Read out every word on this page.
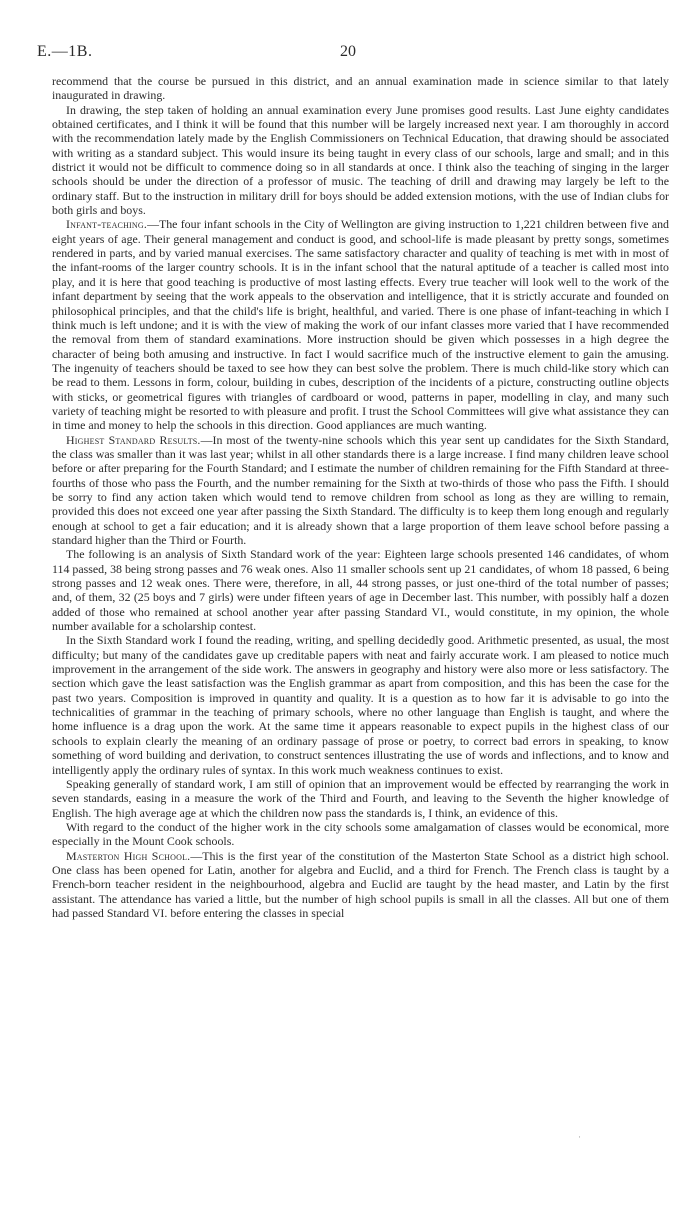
E.—1B.	20

recommend that the course be pursued in this district, and an annual examination made in science similar to that lately inaugurated in drawing.

In drawing, the step taken of holding an annual examination every June promises good results. Last June eighty candidates obtained certificates, and I think it will be found that this number will be largely increased next year. I am thoroughly in accord with the recommendation lately made by the English Commissioners on Technical Education, that drawing should be associated with writing as a standard subject. This would insure its being taught in every class of our schools, large and small; and in this district it would not be difficult to commence doing so in all standards at once. I think also the teaching of singing in the larger schools should be under the direction of a professor of music. The teaching of drill and drawing may largely be left to the ordinary staff. But to the instruction in military drill for boys should be added extension motions, with the use of Indian clubs for both girls and boys.

Infant-teaching.—The four infant schools in the City of Wellington are giving instruction to 1,221 children between five and eight years of age. Their general management and conduct is good, and school-life is made pleasant by pretty songs, sometimes rendered in parts, and by varied manual exercises. The same satisfactory character and quality of teaching is met with in most of the infant-rooms of the larger country schools. It is in the infant school that the natural aptitude of a teacher is called most into play, and it is here that good teaching is productive of most lasting effects. Every true teacher will look well to the work of the infant department by seeing that the work appeals to the observation and intelligence, that it is strictly accurate and founded on philosophical principles, and that the child's life is bright, healthful, and varied. There is one phase of infant-teaching in which I think much is left undone; and it is with the view of making the work of our infant classes more varied that I have recommended the removal from them of standard examinations. More instruction should be given which possesses in a high degree the character of being both amusing and instructive. In fact I would sacrifice much of the instructive element to gain the amusing. The ingenuity of teachers should be taxed to see how they can best solve the problem. There is much child-like story which can be read to them. Lessons in form, colour, building in cubes, description of the incidents of a picture, constructing outline objects with sticks, or geometrical figures with triangles of cardboard or wood, patterns in paper, modelling in clay, and many such variety of teaching might be resorted to with pleasure and profit. I trust the School Committees will give what assistance they can in time and money to help the schools in this direction. Good appliances are much wanting.

Highest Standard Results.—In most of the twenty-nine schools which this year sent up candidates for the Sixth Standard, the class was smaller than it was last year; whilst in all other standards there is a large increase. I find many children leave school before or after preparing for the Fourth Standard; and I estimate the number of children remaining for the Fifth Standard at three-fourths of those who pass the Fourth, and the number remaining for the Sixth at two-thirds of those who pass the Fifth. I should be sorry to find any action taken which would tend to remove children from school as long as they are willing to remain, provided this does not exceed one year after passing the Sixth Standard. The difficulty is to keep them long enough and regularly enough at school to get a fair education; and it is already shown that a large proportion of them leave school before passing a standard higher than the Third or Fourth.

The following is an analysis of Sixth Standard work of the year: Eighteen large schools presented 146 candidates, of whom 114 passed, 38 being strong passes and 76 weak ones. Also 11 smaller schools sent up 21 candidates, of whom 18 passed, 6 being strong passes and 12 weak ones. There were, therefore, in all, 44 strong passes, or just one-third of the total number of passes; and, of them, 32 (25 boys and 7 girls) were under fifteen years of age in December last. This number, with possibly half a dozen added of those who remained at school another year after passing Standard VI., would constitute, in my opinion, the whole number available for a scholarship contest.

In the Sixth Standard work I found the reading, writing, and spelling decidedly good. Arithmetic presented, as usual, the most difficulty; but many of the candidates gave up creditable papers with neat and fairly accurate work. I am pleased to notice much improvement in the arrangement of the side work. The answers in geography and history were also more or less satisfactory. The section which gave the least satisfaction was the English grammar as apart from composition, and this has been the case for the past two years. Composition is improved in quantity and quality. It is a question as to how far it is advisable to go into the technicalities of grammar in the teaching of primary schools, where no other language than English is taught, and where the home influence is a drag upon the work. At the same time it appears reasonable to expect pupils in the highest class of our schools to explain clearly the meaning of an ordinary passage of prose or poetry, to correct bad errors in speaking, to know something of word building and derivation, to construct sentences illustrating the use of words and inflections, and to know and intelligently apply the ordinary rules of syntax. In this work much weakness continues to exist.

Speaking generally of standard work, I am still of opinion that an improvement would be effected by rearranging the work in seven standards, easing in a measure the work of the Third and Fourth, and leaving to the Seventh the higher knowledge of English. The high average age at which the children now pass the standards is, I think, an evidence of this.

With regard to the conduct of the higher work in the city schools some amalgamation of classes would be economical, more especially in the Mount Cook schools.

Masterton High School.—This is the first year of the constitution of the Masterton State School as a district high school. One class has been opened for Latin, another for algebra and Euclid, and a third for French. The French class is taught by a French-born teacher resident in the neighbourhood, algebra and Euclid are taught by the head master, and Latin by the first assistant. The attendance has varied a little, but the number of high school pupils is small in all the classes. All but one of them had passed Standard VI. before entering the classes in special

·
